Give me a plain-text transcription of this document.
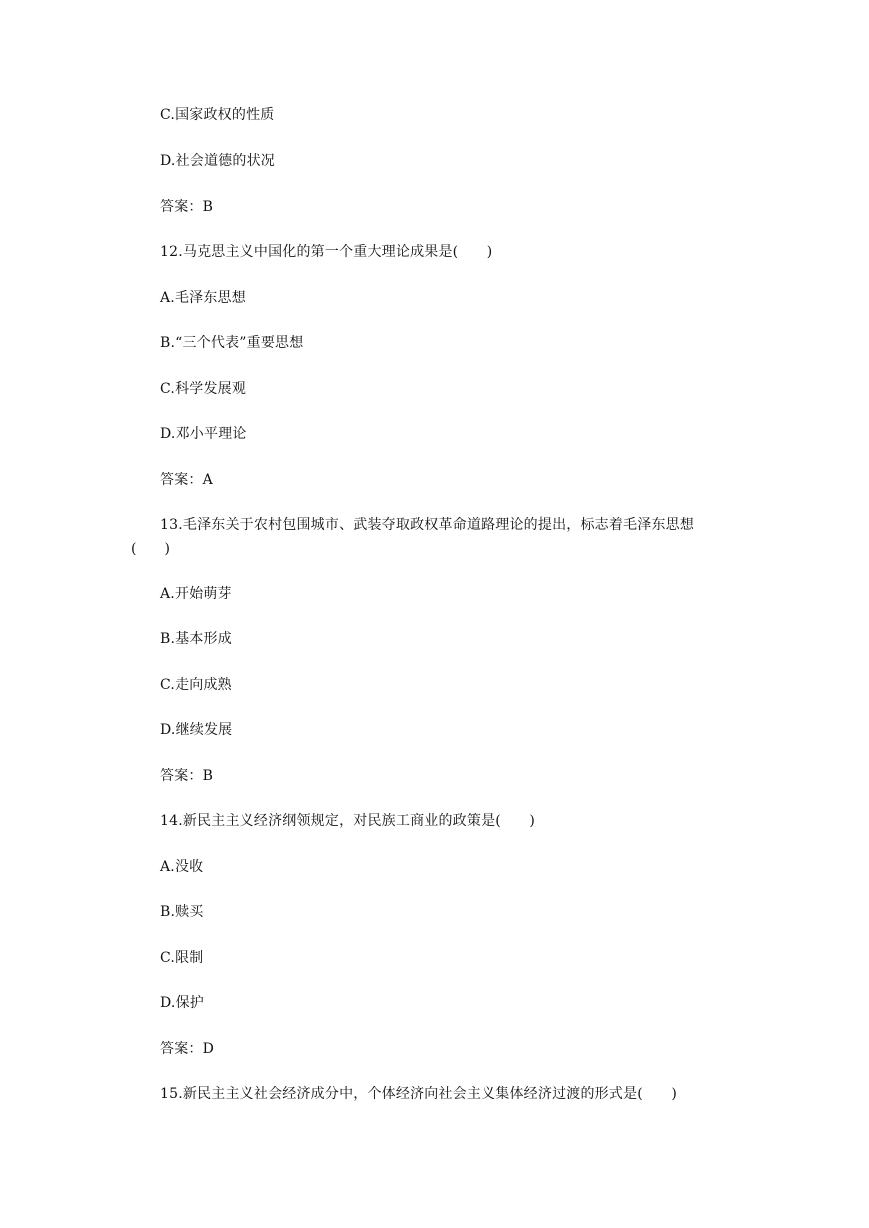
C.国家政权的性质
D.社会道德的状况
答案：B
12.马克思主义中国化的第一个重大理论成果是(　　)
A.毛泽东思想
B.“三个代表”重要思想
C.科学发展观
D.邓小平理论
答案：A
13.毛泽东关于农村包围城市、武装夺取政权革命道路理论的提出，标志着毛泽东思想
(　　)
A.开始萌芽
B.基本形成
C.走向成熟
D.继续发展
答案：B
14.新民主主义经济纲领规定，对民族工商业的政策是(　　)
A.没收
B.赎买
C.限制
D.保护
答案：D
15.新民主主义社会经济成分中，个体经济向社会主义集体经济过渡的形式是(　　)
